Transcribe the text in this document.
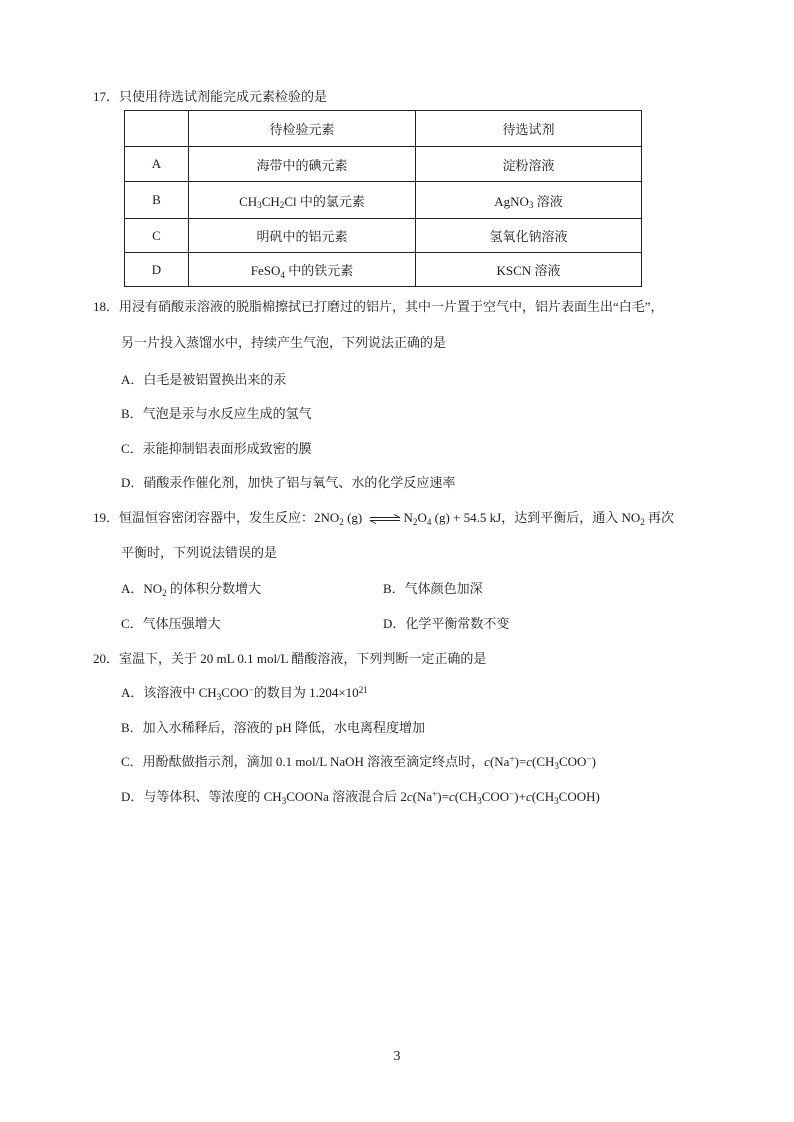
17．只使用待选试剂能完成元素检验的是
	待检验元素	待选试剂
A	海带中的碘元素	淀粉溶液
B	$CH_3CH_2Cl$ 中的氯元素	AgNO$_3$ 溶液
C	明矾中的铝元素	氢氧化钠溶液
D	FeSO$_4$ 中的铁元素	KSCN 溶液
18．用浸有硝酸汞溶液的脱脂棉擦拭已打磨过的铝片，其中一片置于空气中，铝片表面生出“白毛”，
另一片投入蒸馏水中，持续产生气泡，下列说法正确的是
A．白毛是被铝置换出来的汞
B．气泡是汞与水反应生成的氢气
C．汞能抑制铝表面形成致密的膜
D．硝酸汞作催化剂，加快了铝与氧气、水的化学反应速率
19．恒温恒容密闭容器中，发生反应：$2NO_2$ (g) ⇌ $N_2O_4$ (g) + 54.5 kJ，达到平衡后，通入 $NO_2$ 再次
平衡时，下列说法错误的是
A．$NO_2$ 的体积分数增大	B．气体颜色加深
C．气体压强增大	D．化学平衡常数不变
20．室温下，关于 20 mL 0.1 mol/L 醋酸溶液，下列判断一定正确的是
A．该溶液中 $CH_3COO^-$的数目为 $1.204\times 10^{21}$
B．加入水稀释后，溶液的 pH 降低，水电离程度增加
C．用酚酞做指示剂，滴加 0.1 mol/L NaOH 溶液至滴定终点时，$c(Na^+)=c(CH_3COO^-)$
D．与等体积、等浓度的 $CH_3COONa$ 溶液混合后 $2c(Na^+)=c(CH_3COO^-)+c(CH_3COOH)$
3
